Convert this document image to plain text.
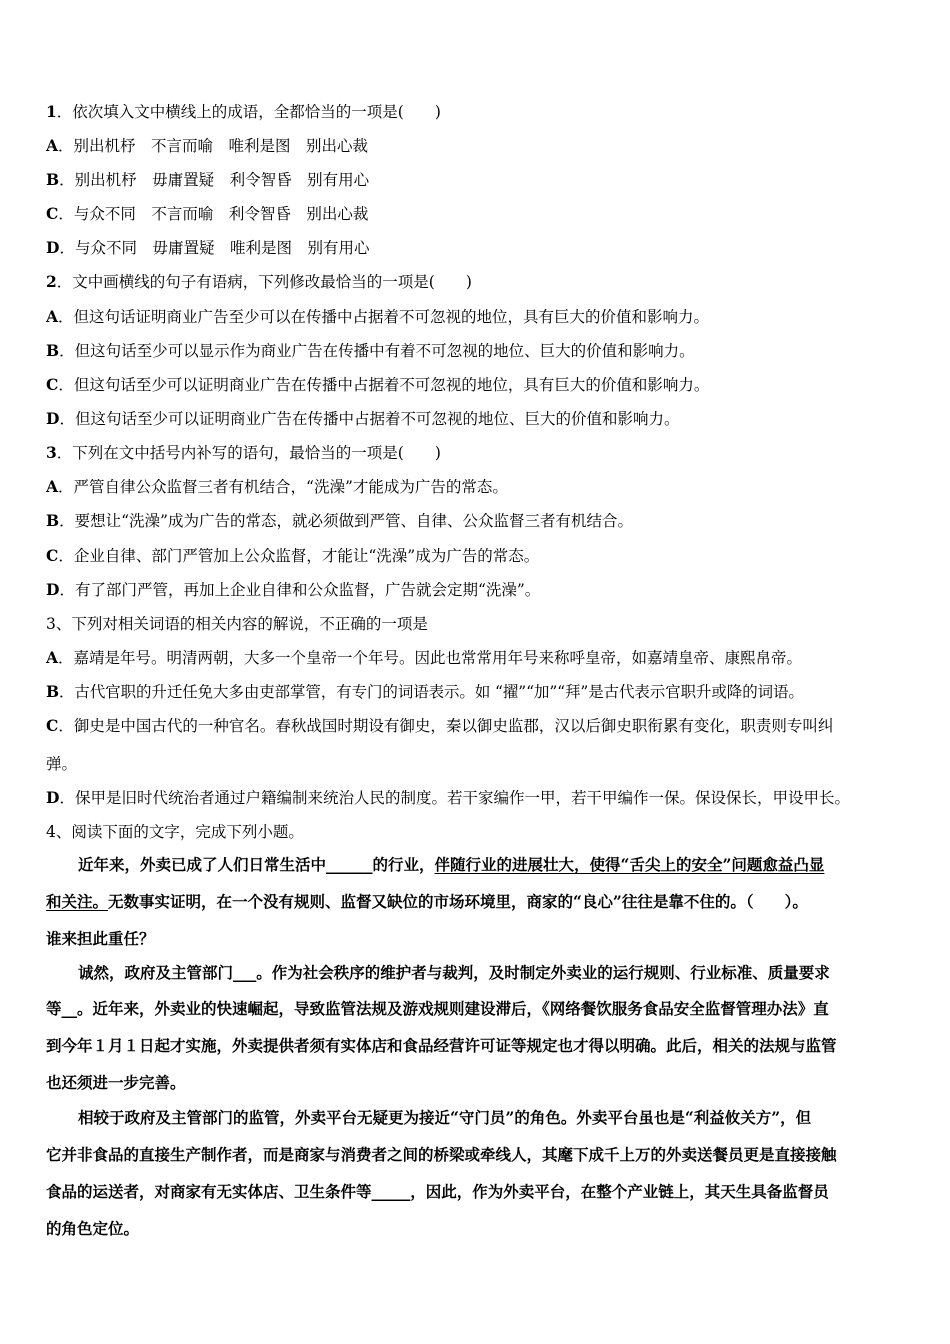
1．依次填入文中横线上的成语，全都恰当的一项是(　　)
A．别出机杼　不言而喻　唯利是图　别出心裁
B．别出机杼　毋庸置疑　利令智昏　别有用心
C．与众不同　不言而喻　利令智昏　别出心裁
D．与众不同　毋庸置疑　唯利是图　别有用心
2．文中画横线的句子有语病，下列修改最恰当的一项是(　　)
A．但这句话证明商业广告至少可以在传播中占据着不可忽视的地位，具有巨大的价值和影响力。
B．但这句话至少可以显示作为商业广告在传播中有着不可忽视的地位、巨大的价值和影响力。
C．但这句话至少可以证明商业广告在传播中占据着不可忽视的地位，具有巨大的价值和影响力。
D．但这句话至少可以证明商业广告在传播中占据着不可忽视的地位、巨大的价值和影响力。
3．下列在文中括号内补写的语句，最恰当的一项是(　　)
A．严管自律公众监督三者有机结合，“洗澡”才能成为广告的常态。
B．要想让“洗澡”成为广告的常态，就必须做到严管、自律、公众监督三者有机结合。
C．企业自律、部门严管加上公众监督，才能让“洗澡”成为广告的常态。
D．有了部门严管，再加上企业自律和公众监督，广告就会定期“洗澡”。
3、下列对相关词语的相关内容的解说，不正确的一项是
A．嘉靖是年号。明清两朝，大多一个皇帝一个年号。因此也常常用年号来称呼皇帝，如嘉靖皇帝、康熙帛帝。
B．古代官职的升迁任免大多由吏部掌管，有专门的词语表示。如 “擢”“加”“拜”是古代表示官职升或降的词语。
C．御史是中国古代的一种官名。春秋战国时期设有御史，秦以御史监郡，汉以后御史职衔累有变化，职责则专叫纠
弹。
D．保甲是旧时代统治者通过户籍编制来统治人民的制度。若干家编作一甲，若干甲编作一保。保设保长，甲设甲长。
4、阅读下面的文字，完成下列小题。
近年来，外卖已成了人们日常生活中______的行业，伴随行业的进展壮大，使得“舌尖上的安全”问题愈益凸显
和关注。无数事实证明，在一个没有规则、监督又缺位的市场环境里，商家的“良心”往往是靠不住的。（　　）。
谁来担此重任？
诚然，政府及主管部门___。作为社会秩序的维护者与裁判，及时制定外卖业的运行规则、行业标准、质量要求
等__。近年来，外卖业的快速崛起，导致监管法规及游戏规则建设滞后，《网络餐饮服务食品安全监督管理办法》直
到今年１月１日起才实施，外卖提供者须有实体店和食品经营许可证等规定也才得以明确。此后，相关的法规与监管
也还须进一步完善。
相较于政府及主管部门的监管，外卖平台无疑更为接近“守门员”的角色。外卖平台虽也是“利益攸关方”，但
它并非食品的直接生产制作者，而是商家与消费者之间的桥梁或牵线人，其麾下成千上万的外卖送餐员更是直接接触
食品的运送者，对商家有无实体店、卫生条件等_____，因此，作为外卖平台，在整个产业链上，其天生具备监督员
的角色定位。
